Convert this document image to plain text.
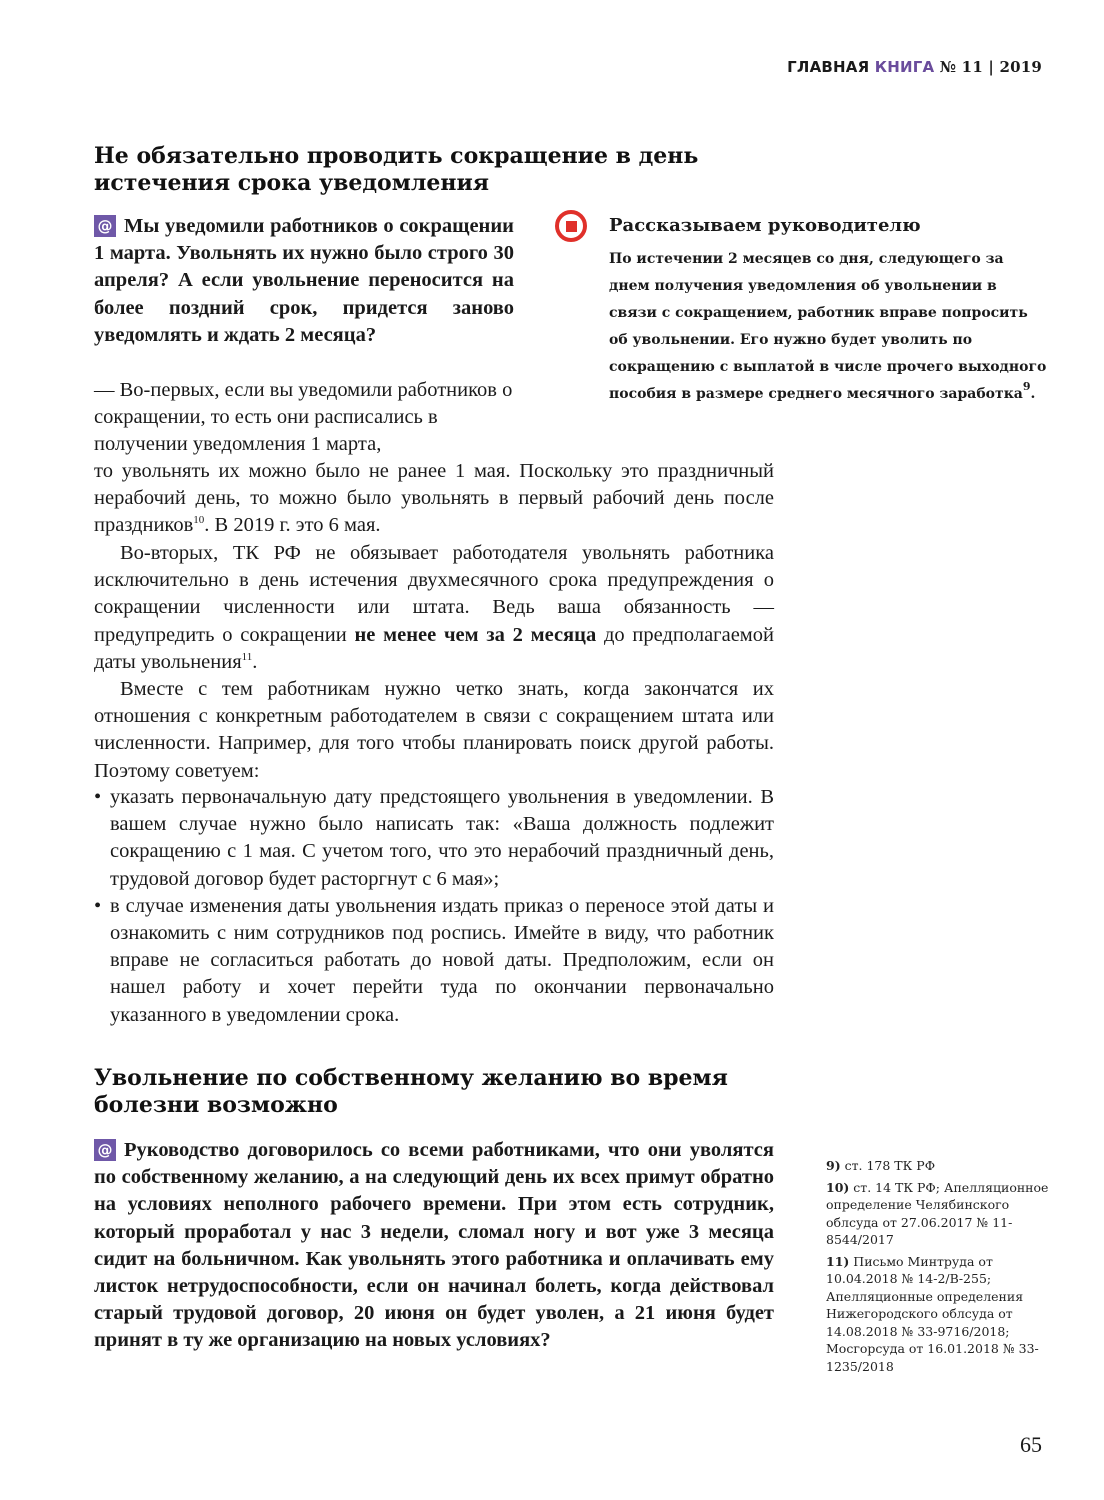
ГЛАВНАЯ КНИГА № 11 | 2019
Не обязательно проводить сокращение в день истечения срока уведомления
@ Мы уведомили работников о сокращении 1 марта. Увольнять их нужно было строго 30 апреля? А если увольнение переносится на более поздний срок, придется заново уведомлять и ждать 2 месяца?
— Во-первых, если вы уведомили работников о сокращении, то есть они расписались в получении уведомления 1 марта,
то увольнять их можно было не ранее 1 мая. Поскольку это праздничный нерабочий день, то можно было увольнять в первый рабочий день после праздников$^{10}$. В 2019 г. это 6 мая.
Во-вторых, ТК РФ не обязывает работодателя увольнять работника исключительно в день истечения двухмесячного срока предупреждения о сокращении численности или штата. Ведь ваша обязанность — предупредить о сокращении не менее чем за 2 месяца до предполагаемой даты увольнения$^{11}$.
Вместе с тем работникам нужно четко знать, когда закончатся их отношения с конкретным работодателем в связи с сокращением штата или численности. Например, для того чтобы планировать поиск другой работы. Поэтому советуем:
• указать первоначальную дату предстоящего увольнения в уведомлении. В вашем случае нужно было написать так: «Ваша должность подлежит сокращению с 1 мая. С учетом того, что это нерабочий праздничный день, трудовой договор будет расторгнут с 6 мая»;
• в случае изменения даты увольнения издать приказ о переносе этой даты и ознакомить с ним сотрудников под роспись. Имейте в виду, что работник вправе не согласиться работать до новой даты. Предположим, если он нашел работу и хочет перейти туда по окончании первоначально указанного в уведомлении срока.
Рассказываем руководителю
По истечении 2 месяцев со дня, следующего за днем получения уведомления об увольнении в связи с сокращением, работник вправе попросить об увольнении. Его нужно будет уволить по сокращению с выплатой в числе прочего выходного пособия в размере среднего месячного заработка$^9$.
Увольнение по собственному желанию во время болезни возможно
@ Руководство договорилось со всеми работниками, что они уволятся по собственному желанию, а на следующий день их всех примут обратно на условиях неполного рабочего времени. При этом есть сотрудник, который проработал у нас 3 недели, сломал ногу и вот уже 3 месяца сидит на больничном. Как увольнять этого работника и оплачивать ему листок нетрудоспособности, если он начинал болеть, когда действовал старый трудовой договор, 20 июня он будет уволен, а 21 июня будет принят в ту же организацию на новых условиях?
9) ст. 178 ТК РФ
10) ст. 14 ТК РФ; Апелляционное определение Челябинского облсуда от 27.06.2017 № 11-8544/2017
11) Письмо Минтруда от 10.04.2018 № 14-2/В-255; Апелляционные определения Нижегородского облсуда от 14.08.2018 № 33-9716/2018; Мосгорсуда от 16.01.2018 № 33-1235/2018
65
